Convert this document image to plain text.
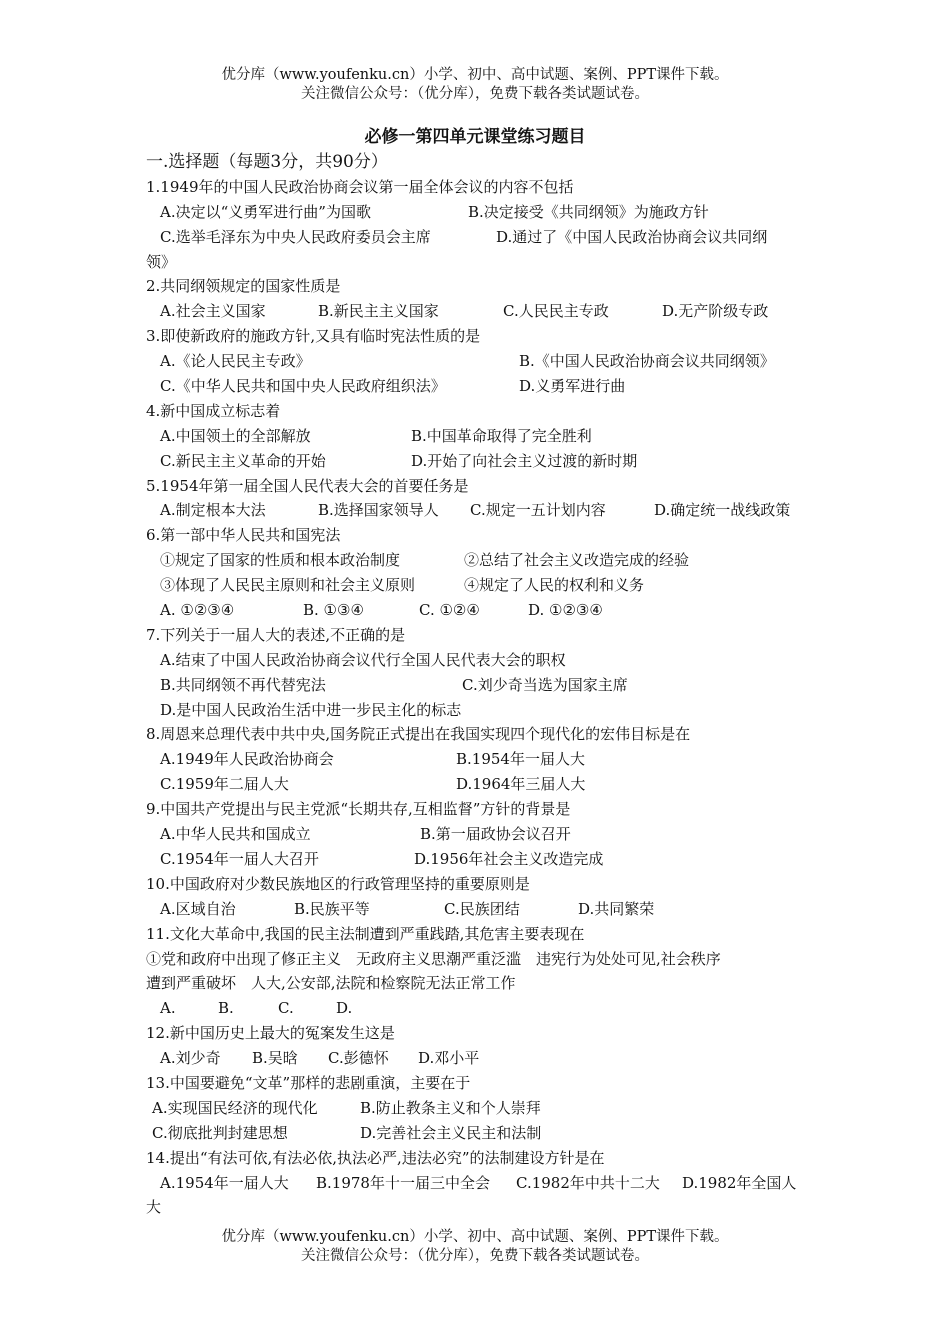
优分库（www.youfenku.cn）小学、初中、高中试题、案例、PPT课件下载。
关注微信公众号：（优分库），免费下载各类试题试卷。
必修一第四单元课堂练习题目
一.选择题（每题3分，共90分）
1.1949年的中国人民政治协商会议第一届全体会议的内容不包括
A.决定以“义勇军进行曲”为国歌	B.决定接受《共同纲领》为施政方针
C.选举毛泽东为中央人民政府委员会主席	D.通过了《中国人民政治协商会议共同纲
领》
2.共同纲领规定的国家性质是
A.社会主义国家	B.新民主主义国家	C.人民民主专政	D.无产阶级专政
3.即使新政府的施政方针,又具有临时宪法性质的是
A.《论人民民主专政》	B.《中国人民政治协商会议共同纲领》
C.《中华人民共和国中央人民政府组织法》	D.义勇军进行曲
4.新中国成立标志着
A.中国领土的全部解放	B.中国革命取得了完全胜利
C.新民主主义革命的开始	D.开始了向社会主义过渡的新时期
5.1954年第一届全国人民代表大会的首要任务是
A.制定根本大法	B.选择国家领导人 C.规定一五计划内容	D.确定统一战线政策
6.第一部中华人民共和国宪法
①规定了国家的性质和根本政治制度	②总结了社会主义改造完成的经验
③体现了人民民主原则和社会主义原则	④规定了人民的权利和义务
A. ①②③④	B. ①③④	C. ①②④	D. ①②③④
7.下列关于一届人大的表述,不正确的是
A.结束了中国人民政治协商会议代行全国人民代表大会的职权
B.共同纲领不再代替宪法	C.刘少奇当选为国家主席
D.是中国人民政治生活中进一步民主化的标志
8.周恩来总理代表中共中央,国务院正式提出在我国实现四个现代化的宏伟目标是在
A.1949年人民政治协商会	B.1954年一届人大
C.1959年二届人大	D.1964年三届人大
9.中国共产党提出与民主党派“长期共存,互相监督”方针的背景是
A.中华人民共和国成立	B.第一届政协会议召开
C.1954年一届人大召开	D.1956年社会主义改造完成
10.中国政府对少数民族地区的行政管理坚持的重要原则是
A.区域自治	B.民族平等	C.民族团结	D.共同繁荣
11.文化大革命中,我国的民主法制遭到严重践踏,其危害主要表现在
①党和政府中出现了修正主义　无政府主义思潮严重泛滥　违宪行为处处可见,社会秩序
遭到严重破坏　人大,公安部,法院和检察院无法正常工作
A.	B.	C.	D.
12.新中国历史上最大的冤案发生这是
A.刘少奇 B.吴晗 C.彭德怀 D.邓小平
13.中国要避免“文革”那样的悲剧重演，主要在于
A.实现国民经济的现代化	B.防止教条主义和个人崇拜
C.彻底批判封建思想	D.完善社会主义民主和法制
14.提出“有法可依,有法必依,执法必严,违法必究”的法制建设方针是在
A.1954年一届人大 B.1978年十一届三中全会 C.1982年中共十二大 D.1982年全国人
大
优分库（www.youfenku.cn）小学、初中、高中试题、案例、PPT课件下载。
关注微信公众号：（优分库），免费下载各类试题试卷。
